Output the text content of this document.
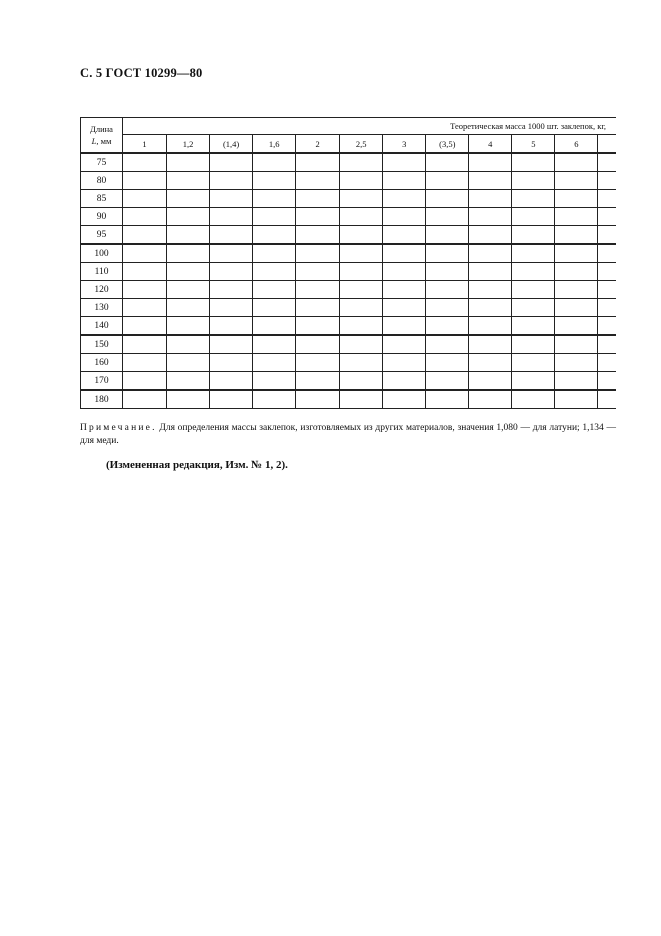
С. 5 ГОСТ 10299—80
Длина
L, мм	Теоретическая масса 1000 шт. заклепок, кг,											
	1	1,2	(1,4)	1,6	2	2,5	3	(3,5)	4	5	6	
75												
80												
85												
90												
95												
100												
110												
120												
130												
140												
150												
160												
170												
180												
Примечание. Для определения массы заклепок, изготовляемых из других материалов, значения 1,080 — для латуни; 1,134 — для меди.
(Измененная редакция, Изм. № 1, 2).
